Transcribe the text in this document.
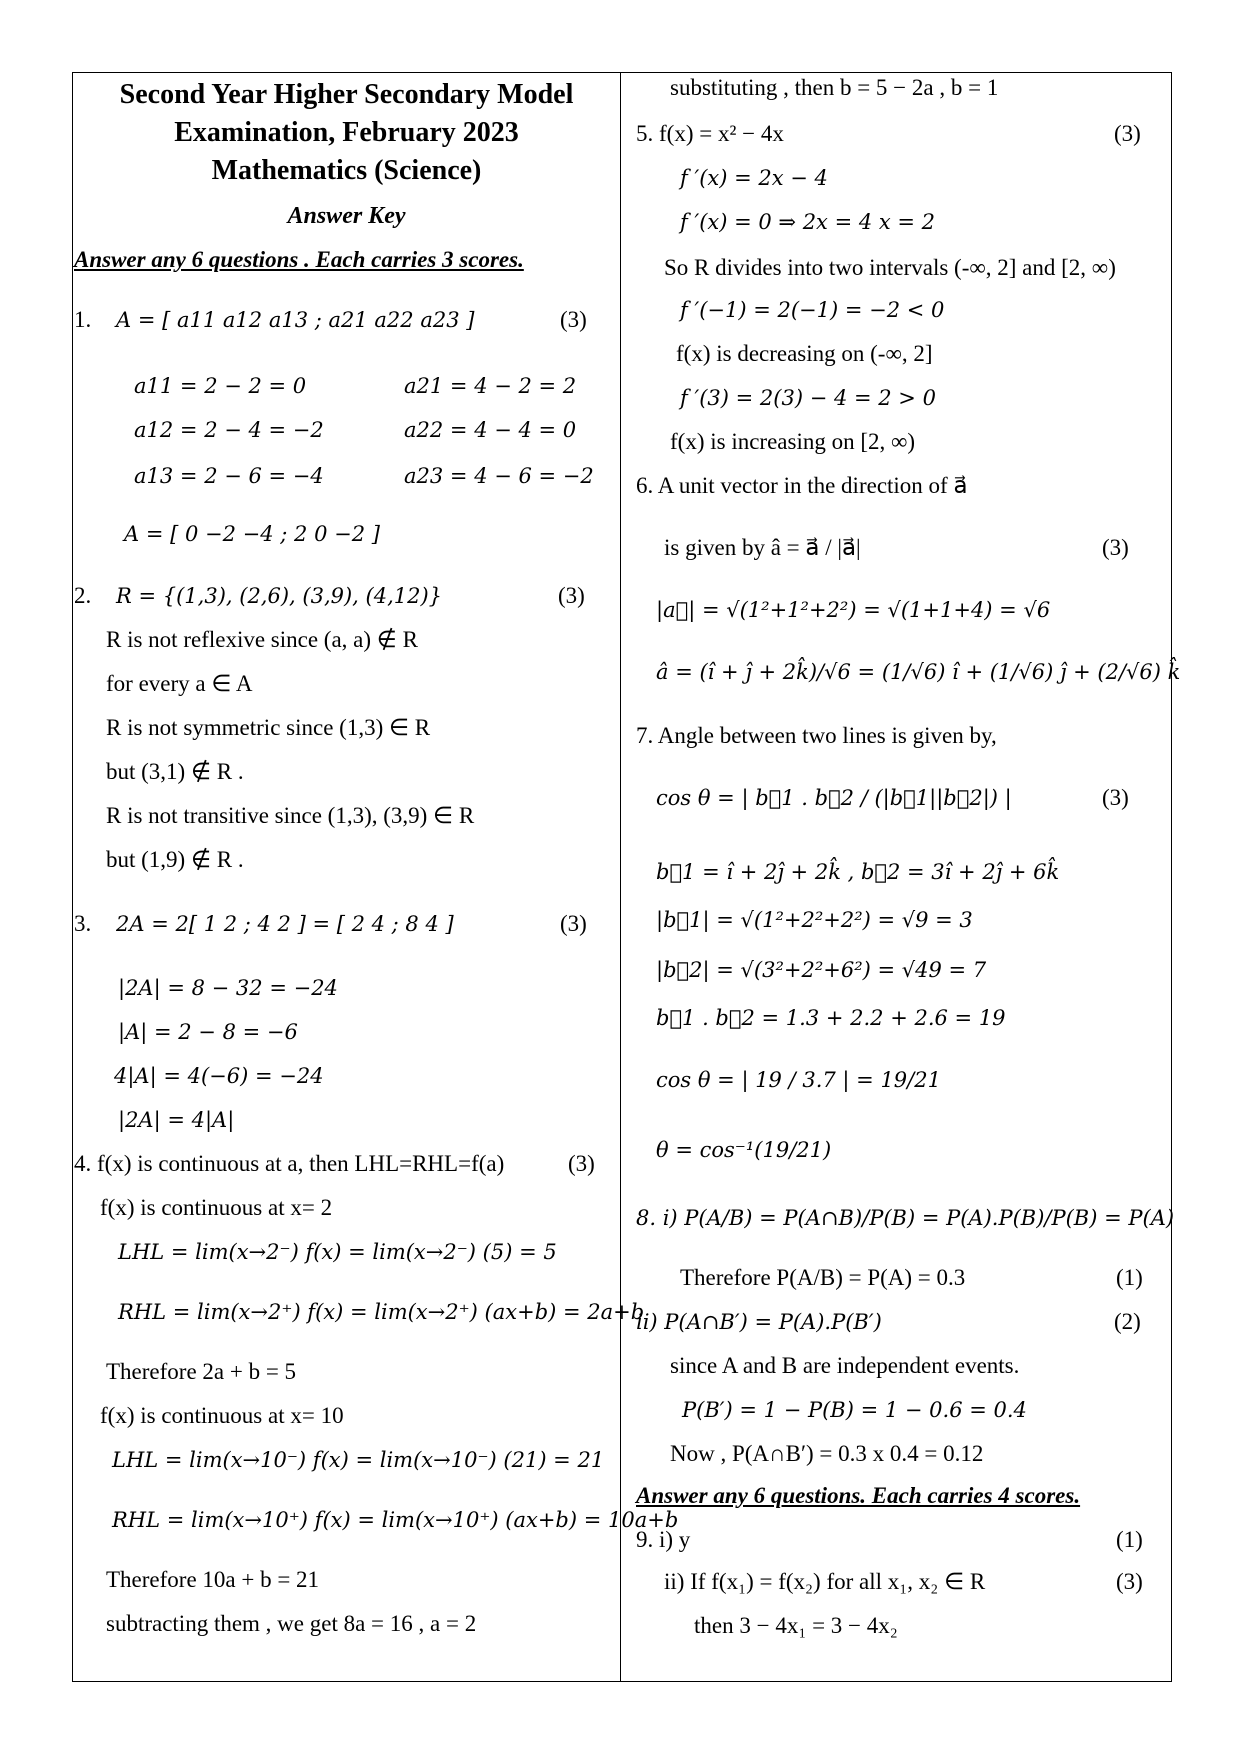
Second Year Higher Secondary Model
Examination, February 2023
Mathematics (Science)
Answer Key
Answer any 6 questions . Each carries 3 scores.
1. A = [ a11 a12 a13 ; a21 a22 a23 ]	(3)
a11 = 2 − 2 = 0	a21 = 4 − 2 = 2
a12 = 2 − 4 = −2	a22 = 4 − 4 = 0
a13 = 2 − 6 = −4	a23 = 4 − 6 = −2
A = [ 0 −2 −4 ; 2 0 −2 ]
2. R = {(1,3), (2,6), (3,9), (4,12)}	(3)
R is not reflexive since (a, a) ∉ R
for every a ∈ A
R is not symmetric since (1,3) ∈ R
but (3,1) ∉ R .
R is not transitive since (1,3), (3,9) ∈ R
but (1,9) ∉ R .
3. 2A = 2[ 1 2 ; 4 2 ] = [ 2 4 ; 8 4 ]	(3)
|2A| = 8 − 32 = −24
|A| = 2 − 8 = −6
4|A| = 4(−6) = −24
|2A| = 4|A|
4. f(x) is continuous at a, then LHL=RHL=f(a)	(3)
f(x) is continuous at x= 2
LHL = lim(x→2⁻) f(x) = lim(x→2⁻) (5) = 5
RHL = lim(x→2⁺) f(x) = lim(x→2⁺) (ax+b) = 2a+b
Therefore 2a + b = 5
f(x) is continuous at x= 10
LHL = lim(x→10⁻) f(x) = lim(x→10⁻) (21) = 21
RHL = lim(x→10⁺) f(x) = lim(x→10⁺) (ax+b) = 10a+b
Therefore 10a + b = 21
subtracting them , we get 8a = 16 , a = 2
substituting , then b = 5 − 2a , b = 1
5. f(x) = x² − 4x	(3)
f ′(x) = 2x − 4
f ′(x) = 0 ⇒ 2x = 4 x = 2
So R divides into two intervals (-∞, 2] and [2, ∞)
f ′(−1) = 2(−1) = −2 < 0
f(x) is decreasing on (-∞, 2]
f ′(3) = 2(3) − 4 = 2 > 0
f(x) is increasing on [2, ∞)
6. A unit vector in the direction of a⃗
is given by â = a⃗ / |a⃗|	(3)
|a⃗| = √(1²+1²+2²) = √(1+1+4) = √6
â = (î + ĵ + 2k̂)/√6 = (1/√6) î + (1/√6) ĵ + (2/√6) k̂
7. Angle between two lines is given by,
cos θ = | b⃗1 . b⃗2 / (|b⃗1||b⃗2|) |	(3)
b⃗1 = î + 2ĵ + 2k̂ , b⃗2 = 3î + 2ĵ + 6k̂
|b⃗1| = √(1²+2²+2²) = √9 = 3
|b⃗2| = √(3²+2²+6²) = √49 = 7
b⃗1 . b⃗2 = 1.3 + 2.2 + 2.6 = 19
cos θ = | 19 / 3.7 | = 19/21
θ = cos⁻¹(19/21)
8. i) P(A/B) = P(A∩B)/P(B) = P(A).P(B)/P(B) = P(A)
Therefore P(A/B) = P(A) = 0.3	(1)
ii) P(A∩B′) = P(A).P(B′)	(2)
since A and B are independent events.
P(B′) = 1 − P(B) = 1 − 0.6 = 0.4
Now , P(A∩B′) = 0.3 x 0.4 = 0.12
Answer any 6 questions. Each carries 4 scores.
9. i) y	(1)
ii) If f(x₁) = f(x₂) for all x₁, x₂ ∈ R	(3)
then 3 − 4x₁ = 3 − 4x₂
